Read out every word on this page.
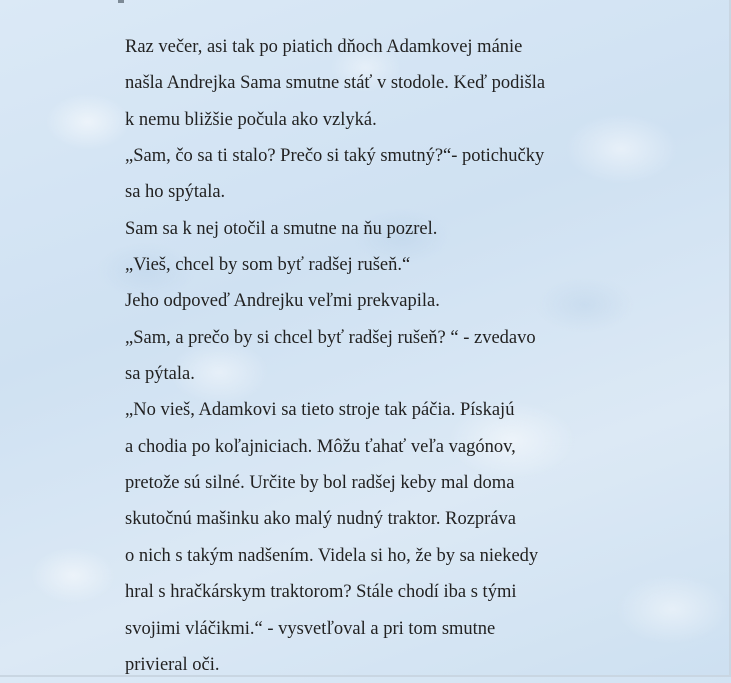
Raz večer, asi tak po piatich dňoch Adamkovej mánie
našla Andrejka Sama smutne stáť v stodole. Keď podišla
k nemu bližšie počula ako vzlyká.
„Sam, čo sa ti stalo? Prečo si taký smutný?“- potichučky
sa ho spýtala.
Sam sa k nej otočil a smutne na ňu pozrel.
„Vieš, chcel by som byť radšej rušeň.“
Jeho odpoveď Andrejku veľmi prekvapila.
„Sam, a prečo by si chcel byť radšej rušeň? “ - zvedavo
sa pýtala.
„No vieš, Adamkovi sa tieto stroje tak páčia. Pískajú
a chodia po koľajniciach. Môžu ťahať veľa vagónov,
pretože sú silné. Určite by bol radšej keby mal doma
skutočnú mašinku ako malý nudný traktor. Rozpráva
o nich s takým nadšením. Videla si ho, že by sa niekedy
hral s hračkárskym traktorom? Stále chodí iba s tými
svojimi vláčikmi.“ - vysvetľoval a pri tom smutne
privieral oči.
